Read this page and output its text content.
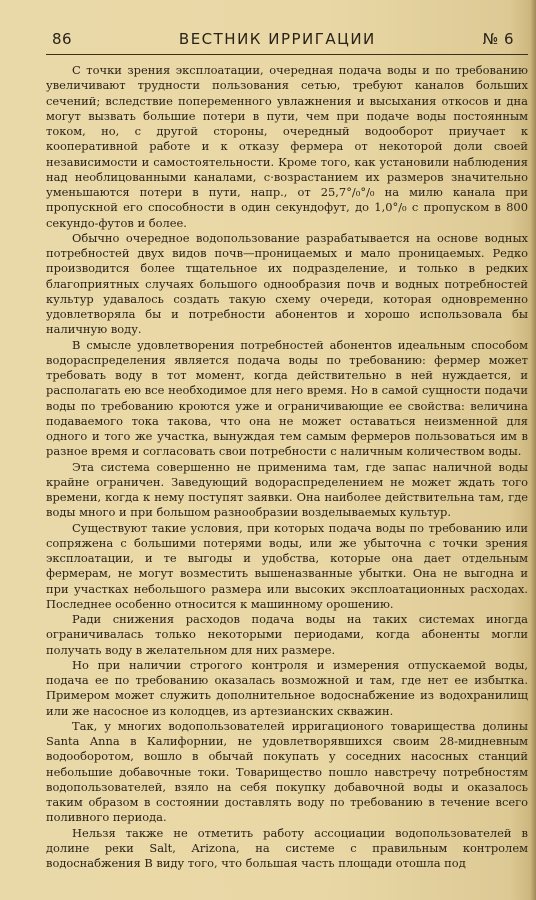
86	ВЕСТНИК ИРРИГАЦИИ	№ 6

С точки зрения эксплоатации, очередная подача воды и по требованию увеличивают трудности пользования сетью, требуют каналов больших сечений; вследствие попеременного увлажнения и высыхания откосов и дна могут вызвать большие потери в пути, чем при подаче воды постоянным током, но, с другой стороны, очередный водооборот приучает к кооперативной работе и к отказу фермера от некоторой доли своей независимости и самостоятельности. Кроме того, как установили наблюдения над необлицованными каналами, с·возрастанием их размеров значительно уменьшаются потери в пути, напр., от 25,7°/₀°/₀ на милю канала при пропускной его способности в один секундофут, до 1,0°/₀ с пропуском в 800 секундо-футов и более.

Обычно очередное водопользование разрабатывается на основе водных потребностей двух видов почв—проницаемых и мало проницаемых. Редко производится более тщательное их подразделение, и только в редких благоприятных случаях большого однообразия почв и водных потребностей культур удавалось создать такую схему очереди, которая одновременно удовлетворяла бы и потребности абонентов и хорошо использовала бы наличную воду.

В смысле удовлетворения потребностей абонентов идеальным способом водораспределения является подача воды по требованию: фермер может требовать воду в тот момент, когда действительно в ней нуждается, и располагать ею все необходимое для него время. Но в самой сущности подачи воды по требованию кроются уже и ограничивающие ее свойства: величина подаваемого тока такова, что она не может оставаться неизменной для одного и того же участка, вынуждая тем самым фермеров пользоваться им в разное время и согласовать свои потребности с наличным количеством воды.

Эта система совершенно не применима там, где запас наличной воды крайне ограничен. Заведующий водораспределением не может ждать того времени, когда к нему поступят заявки. Она наиболее действительна там, где воды много и при большом разнообразии возделываемых культур.

Существуют такие условия, при которых подача воды по требованию или сопряжена с большими потерями воды, или же убыточна с точки зрения эксплоатации, и те выгоды и удобства, которые она дает отдельным фермерам, не могут возместить вышеназванные убытки. Она не выгодна и при участках небольшого размера или высоких эксплоатационных расходах. Последнее особенно относится к машинному орошению.

Ради снижения расходов подача воды на таких системах иногда ограничивалась только некоторыми периодами, когда абоненты могли получать воду в желательном для них размере.

Но при наличии строгого контроля и измерения отпускаемой воды, подача ее по требованию оказалась возможной и там, где нет ее избытка. Примером может служить дополнительное водоснабжение из водохранилищ или же насосное из колодцев, из артезианских скважин.

Так, у многих водопользователей ирригационого товарищества долины Santa Anna в Калифорнии, не удовлетворявшихся своим 28-мидневным водооборотом, вошло в обычай покупать у соседних насосных станций небольшие добавочные токи. Товарищество пошло навстречу потребностям водопользователей, взяло на себя покупку добавочной воды и оказалось таким образом в состоянии доставлять воду по требованию в течение всего поливного периода.

Нельзя также не отметить работу ассоциации водопользователей в долине реки Salt, Arizona, на системе с правильным контролем водоснабжения В виду того, что большая часть площади отошла под
